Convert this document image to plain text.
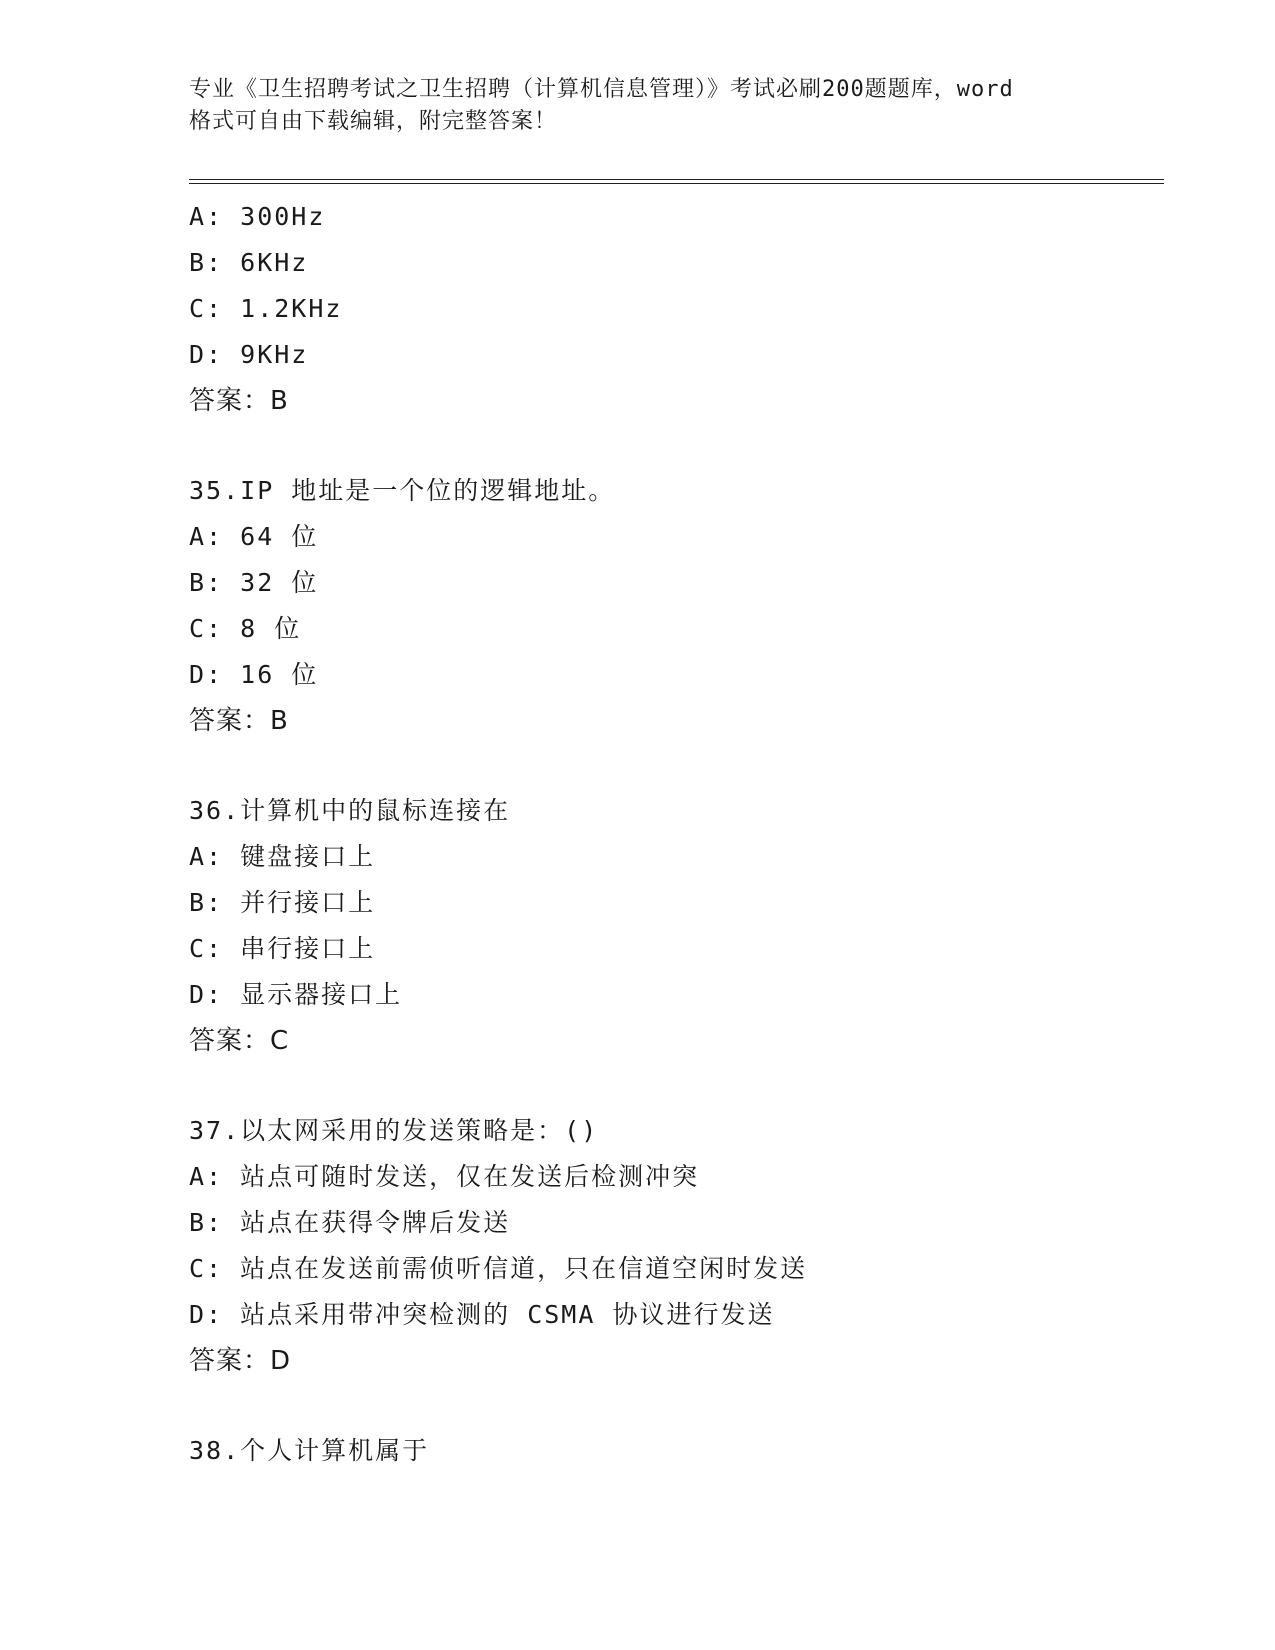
专业《卫生招聘考试之卫生招聘（计算机信息管理）》考试必刷200题题库，word
格式可自由下载编辑，附完整答案！
A: 300Hz
B: 6KHz
C: 1.2KHz
D: 9KHz
答案：B
35.IP 地址是一个位的逻辑地址。
A: 64 位
B: 32 位
C: 8 位
D: 16 位
答案：B
36.计算机中的鼠标连接在
A: 键盘接口上
B: 并行接口上
C: 串行接口上
D: 显示器接口上
答案：C
37.以太网采用的发送策略是：()
A: 站点可随时发送，仅在发送后检测冲突
B: 站点在获得令牌后发送
C: 站点在发送前需侦听信道，只在信道空闲时发送
D: 站点采用带冲突检测的 CSMA 协议进行发送
答案：D
38.个人计算机属于
